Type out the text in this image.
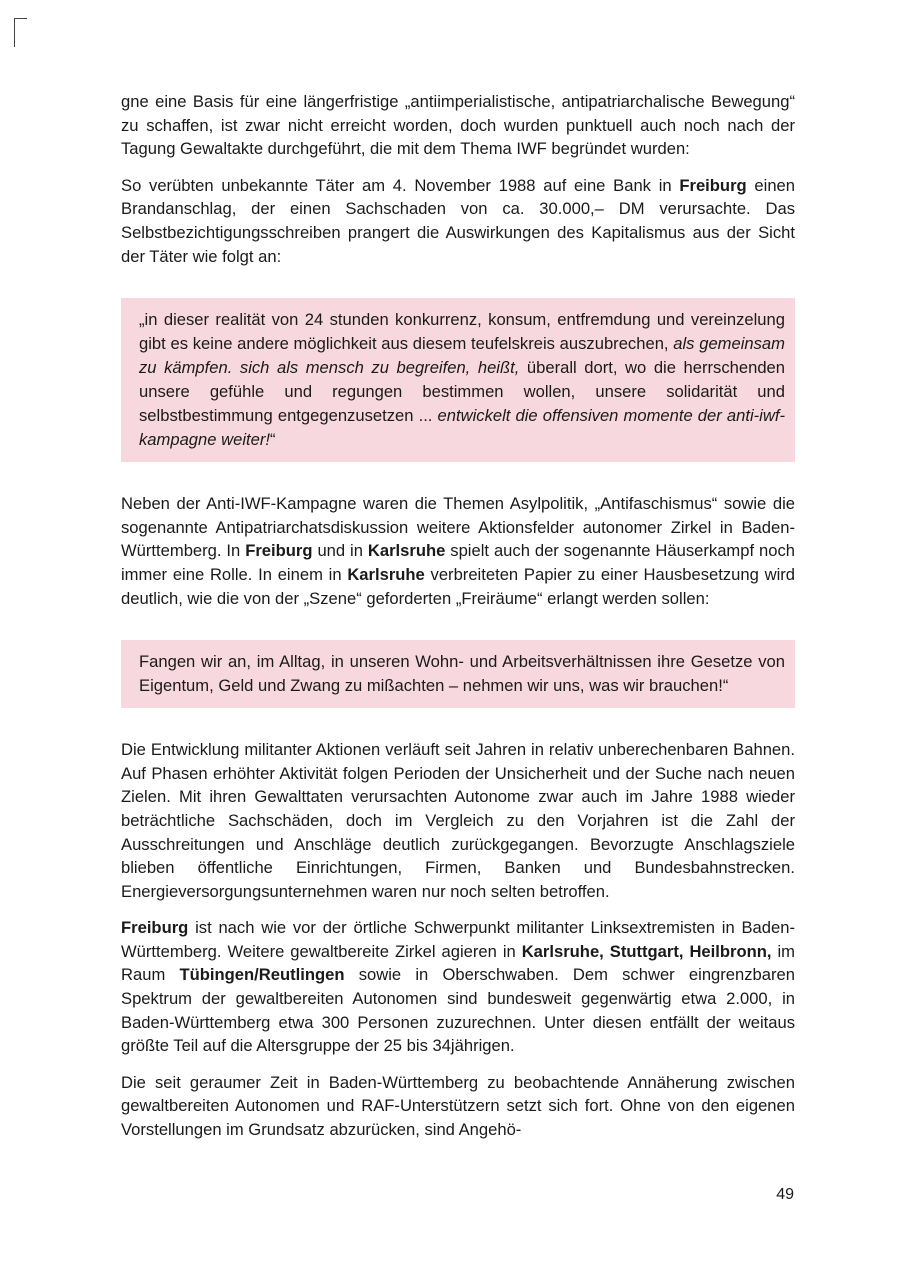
gne eine Basis für eine längerfristige „antiimperialistische, antipatriarchalische Bewegung“ zu schaffen, ist zwar nicht erreicht worden, doch wurden punktuell auch noch nach der Tagung Gewaltakte durchgeführt, die mit dem Thema IWF begründet wurden:

So verübten unbekannte Täter am 4. November 1988 auf eine Bank in Freiburg einen Brandanschlag, der einen Sachschaden von ca. 30.000,– DM verursachte. Das Selbstbezichtigungsschreiben prangert die Auswirkungen des Kapitalismus aus der Sicht der Täter wie folgt an:

„in dieser realität von 24 stunden konkurrenz, konsum, entfremdung und vereinzelung gibt es keine andere möglichkeit aus diesem teufelskreis auszubrechen, als gemeinsam zu kämpfen. sich als mensch zu begreifen, heißt, überall dort, wo die herrschenden unsere gefühle und regungen bestimmen wollen, unsere solidarität und selbstbestimmung entgegenzusetzen ... entwickelt die offensiven momente der anti-iwf-kampagne weiter!“

Neben der Anti-IWF-Kampagne waren die Themen Asylpolitik, „Antifaschismus“ sowie die sogenannte Antipatriarchatsdiskussion weitere Aktionsfelder autonomer Zirkel in Baden-Württemberg. In Freiburg und in Karlsruhe spielt auch der sogenannte Häuserkampf noch immer eine Rolle. In einem in Karlsruhe verbreiteten Papier zu einer Hausbesetzung wird deutlich, wie die von der „Szene“ geforderten „Freiräume“ erlangt werden sollen:

Fangen wir an, im Alltag, in unseren Wohn- und Arbeitsverhältnissen ihre Gesetze von Eigentum, Geld und Zwang zu mißachten – nehmen wir uns, was wir brauchen!“

Die Entwicklung militanter Aktionen verläuft seit Jahren in relativ unberechenbaren Bahnen. Auf Phasen erhöhter Aktivität folgen Perioden der Unsicherheit und der Suche nach neuen Zielen. Mit ihren Gewalttaten verursachten Autonome zwar auch im Jahre 1988 wieder beträchtliche Sachschäden, doch im Vergleich zu den Vorjahren ist die Zahl der Ausschreitungen und Anschläge deutlich zurückgegangen. Bevorzugte Anschlagsziele blieben öffentliche Einrichtungen, Firmen, Banken und Bundesbahnstrecken. Energieversorgungsunternehmen waren nur noch selten betroffen.

Freiburg ist nach wie vor der örtliche Schwerpunkt militanter Linksextremisten in Baden-Württemberg. Weitere gewaltbereite Zirkel agieren in Karlsruhe, Stuttgart, Heilbronn, im Raum Tübingen/Reutlingen sowie in Oberschwaben. Dem schwer eingrenzbaren Spektrum der gewaltbereiten Autonomen sind bundesweit gegenwärtig etwa 2.000, in Baden-Württemberg etwa 300 Personen zuzurechnen. Unter diesen entfällt der weitaus größte Teil auf die Altersgruppe der 25 bis 34jährigen.

Die seit geraumer Zeit in Baden-Württemberg zu beobachtende Annäherung zwischen gewaltbereiten Autonomen und RAF-Unterstützern setzt sich fort. Ohne von den eigenen Vorstellungen im Grundsatz abzurücken, sind Angehö-

49
